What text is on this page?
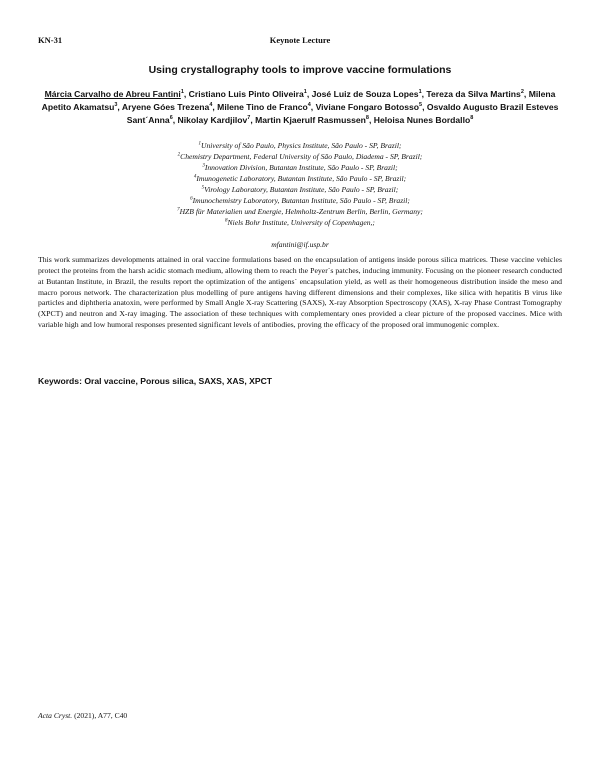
KN-31	Keynote Lecture
Using crystallography tools to improve vaccine formulations
Márcia Carvalho de Abreu Fantini$^1$, Cristiano Luis Pinto Oliveira$^1$, José Luiz de Souza Lopes$^1$, Tereza da Silva Martins$^2$, Milena Apetito Akamatsu$^3$, Aryene Góes Trezena$^4$, Milene Tino de Franco$^4$, Viviane Fongaro Botosso$^5$, Osvaldo Augusto Brazil Esteves Sant´Anna$^6$, Nikolay Kardjilov$^7$, Martin Kjaerulf Rasmussen$^8$, Heloisa Nunes Bordallo$^8$
$^1$University of São Paulo, Physics Institute, São Paulo - SP, Brazil;
$^2$Chemistry Department, Federal University of São Paulo, Diadema - SP, Brazil;
$^3$Innovation Division, Butantan Institute, São Paulo - SP, Brazil;
$^4$Imunogenetic Laboratory, Butantan Institute, São Paulo - SP, Brazil;
$^5$Virology Laboratory, Butantan Institute, São Paulo - SP, Brazil;
$^6$Imunochemistry Laboratory, Butantan Institute, São Paulo - SP, Brazil;
$^7$HZB für Materialien und Energie, Helmholtz-Zentrum Berlin, Berlin, Germany;
$^8$Niels Bohr Institute, University of Copenhagen,;
mfantini@if.usp.br
This work summarizes developments attained in oral vaccine formulations based on the encapsulation of antigens inside porous silica matrices. These vaccine vehicles protect the proteins from the harsh acidic stomach medium, allowing them to reach the Peyer´s patches, inducing immunity. Focusing on the pioneer research conducted at Butantan Institute, in Brazil, the results report the optimization of the antigens´ encapsulation yield, as well as their homogeneous distribution inside the meso and macro porous network. The characterization plus modelling of pure antigens having different dimensions and their complexes, like silica with hepatitis B virus like particles and diphtheria anatoxin, were performed by Small Angle X-ray Scattering (SAXS), X-ray Absorption Spectroscopy (XAS), X-ray Phase Contrast Tomography (XPCT) and neutron and X-ray imaging. The association of these techniques with complementary ones provided a clear picture of the proposed vaccines. Mice with variable high and low humoral responses presented significant levels of antibodies, proving the efficacy of the proposed oral immunogenic complex.
Keywords: Oral vaccine, Porous silica, SAXS, XAS, XPCT
Acta Cryst. (2021), A77, C40
